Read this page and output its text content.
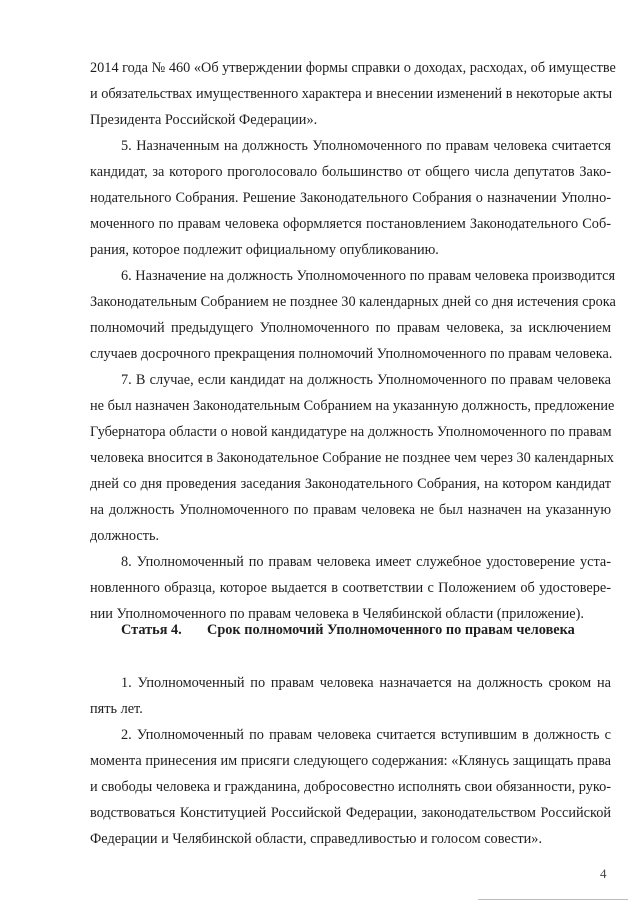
2014 года № 460 «Об утверждении формы справки о доходах, расходах, об имуществе
и обязательствах имущественного характера и внесении изменений в некоторые акты
Президента Российской Федерации».
5. Назначенным на должность Уполномоченного по правам человека считается
кандидат, за которого проголосовало большинство от общего числа депутатов Зако-
нодательного Собрания. Решение Законодательного Собрания о назначении Уполно-
моченного по правам человека оформляется постановлением Законодательного Соб-
рания, которое подлежит официальному опубликованию.
6. Назначение на должность Уполномоченного по правам человека производится
Законодательным Собранием не позднее 30 календарных дней со дня истечения срока
полномочий предыдущего Уполномоченного по правам человека, за исключением
случаев досрочного прекращения полномочий Уполномоченного по правам человека.
7. В случае, если кандидат на должность Уполномоченного по правам человека
не был назначен Законодательным Собранием на указанную должность, предложение
Губернатора области о новой кандидатуре на должность Уполномоченного по правам
человека вносится в Законодательное Собрание не позднее чем через 30 календарных
дней со дня проведения заседания Законодательного Собрания, на котором кандидат
на должность Уполномоченного по правам человека не был назначен на указанную
должность.
8. Уполномоченный по правам человека имеет служебное удостоверение уста-
новленного образца, которое выдается в соответствии с Положением об удостовере-
нии Уполномоченного по правам человека в Челябинской области (приложение).
Статья 4. Срок полномочий Уполномоченного по правам человека
1. Уполномоченный по правам человека назначается на должность сроком на
пять лет.
2. Уполномоченный по правам человека считается вступившим в должность с
момента принесения им присяги следующего содержания: «Клянусь защищать права
и свободы человека и гражданина, добросовестно исполнять свои обязанности, руко-
водствоваться Конституцией Российской Федерации, законодательством Российской
Федерации и Челябинской области, справедливостью и голосом совести».
4
